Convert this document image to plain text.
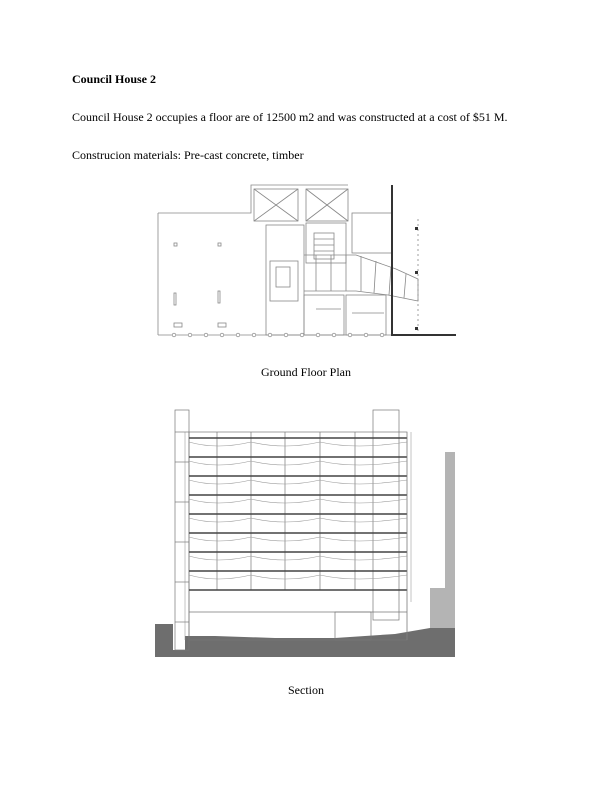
Council House 2
Council House 2 occupies a floor are of 12500 m2 and was constructed at a cost of $51 M.
Construcion materials: Pre-cast concrete, timber
Ground Floor Plan
Section
